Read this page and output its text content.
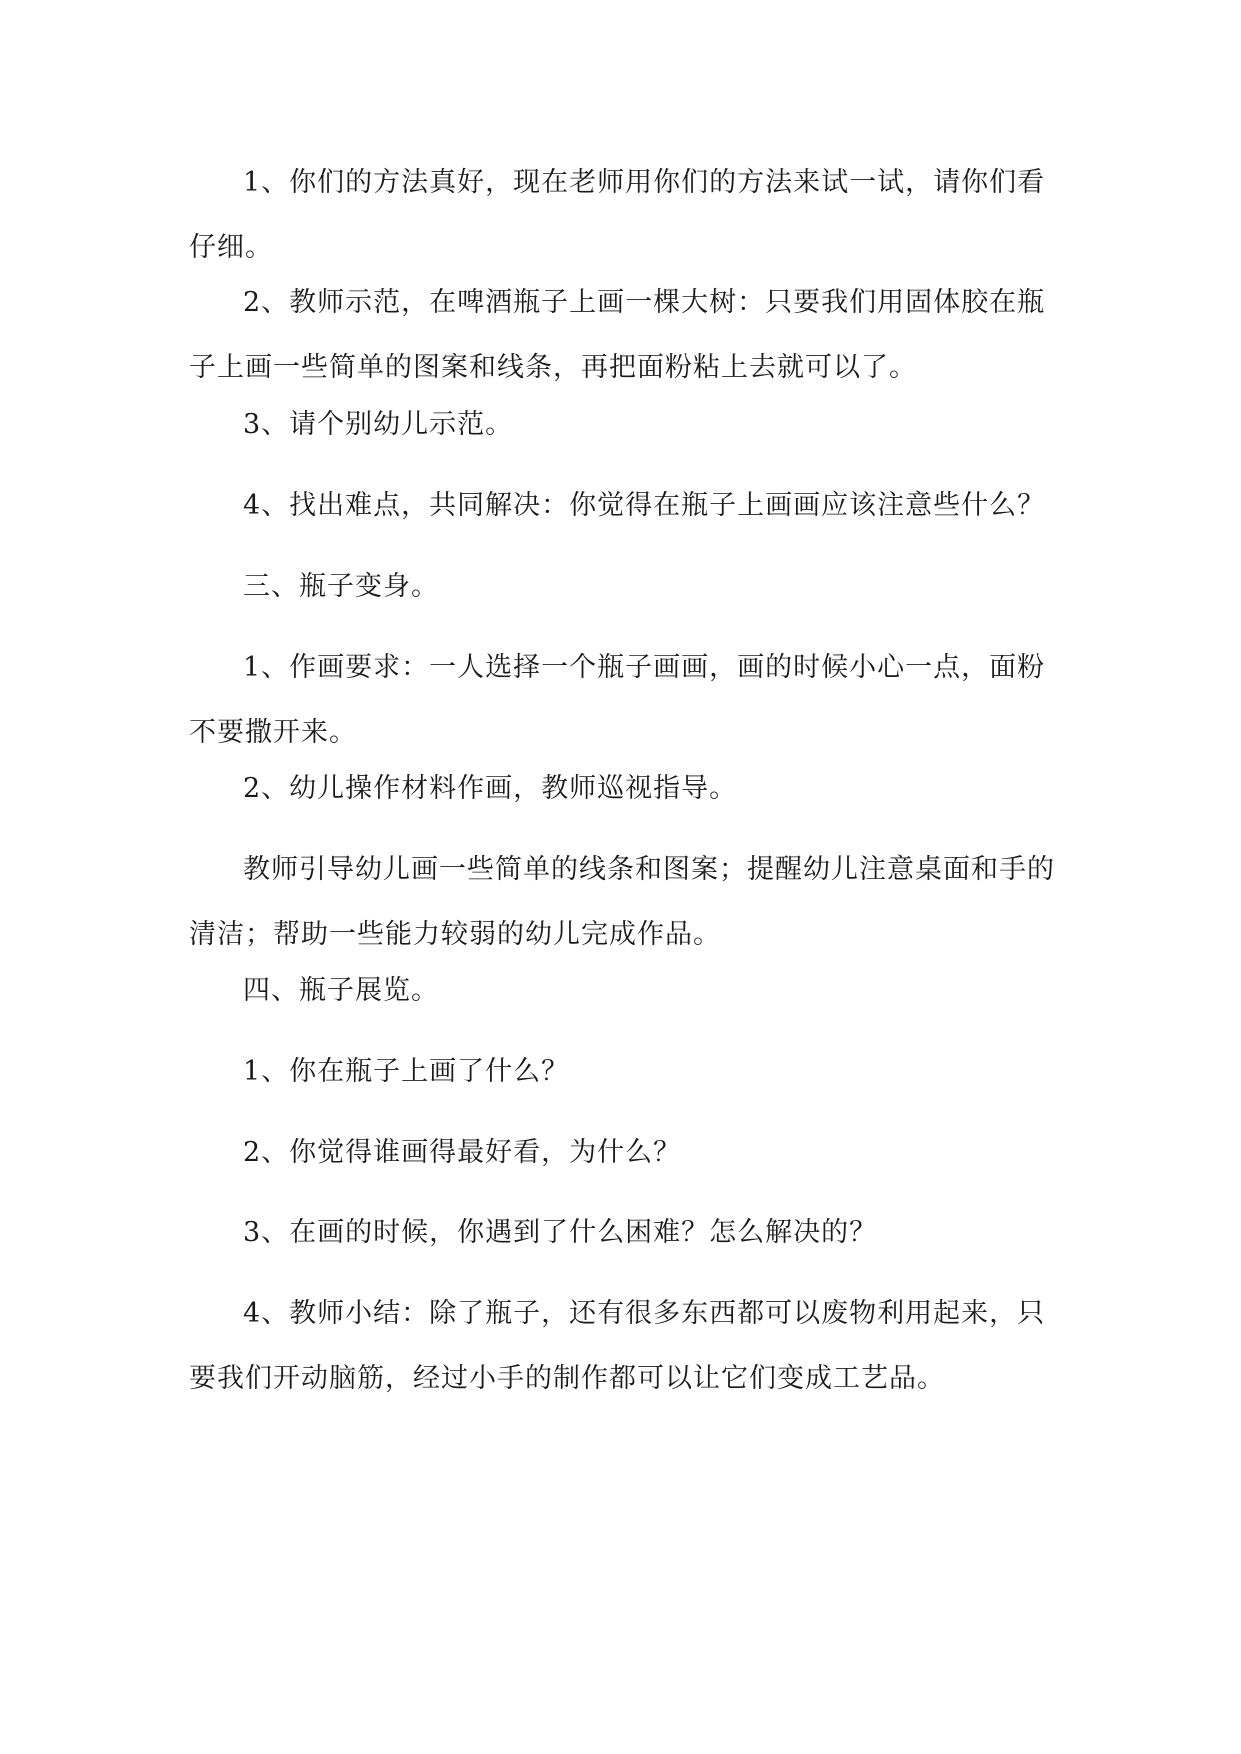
1、你们的方法真好，现在老师用你们的方法来试一试，请你们看仔细。

2、教师示范，在啤酒瓶子上画一棵大树：只要我们用固体胶在瓶子上画一些简单的图案和线条，再把面粉粘上去就可以了。

3、请个别幼儿示范。

4、找出难点，共同解决：你觉得在瓶子上画画应该注意些什么？

三、瓶子变身。

1、作画要求：一人选择一个瓶子画画，画的时候小心一点，面粉不要撒开来。

2、幼儿操作材料作画，教师巡视指导。

教师引导幼儿画一些简单的线条和图案；提醒幼儿注意桌面和手的清洁；帮助一些能力较弱的幼儿完成作品。

四、瓶子展览。

1、你在瓶子上画了什么？

2、你觉得谁画得最好看，为什么？

3、在画的时候，你遇到了什么困难？怎么解决的？

4、教师小结：除了瓶子，还有很多东西都可以废物利用起来，只要我们开动脑筋，经过小手的制作都可以让它们变成工艺品。
